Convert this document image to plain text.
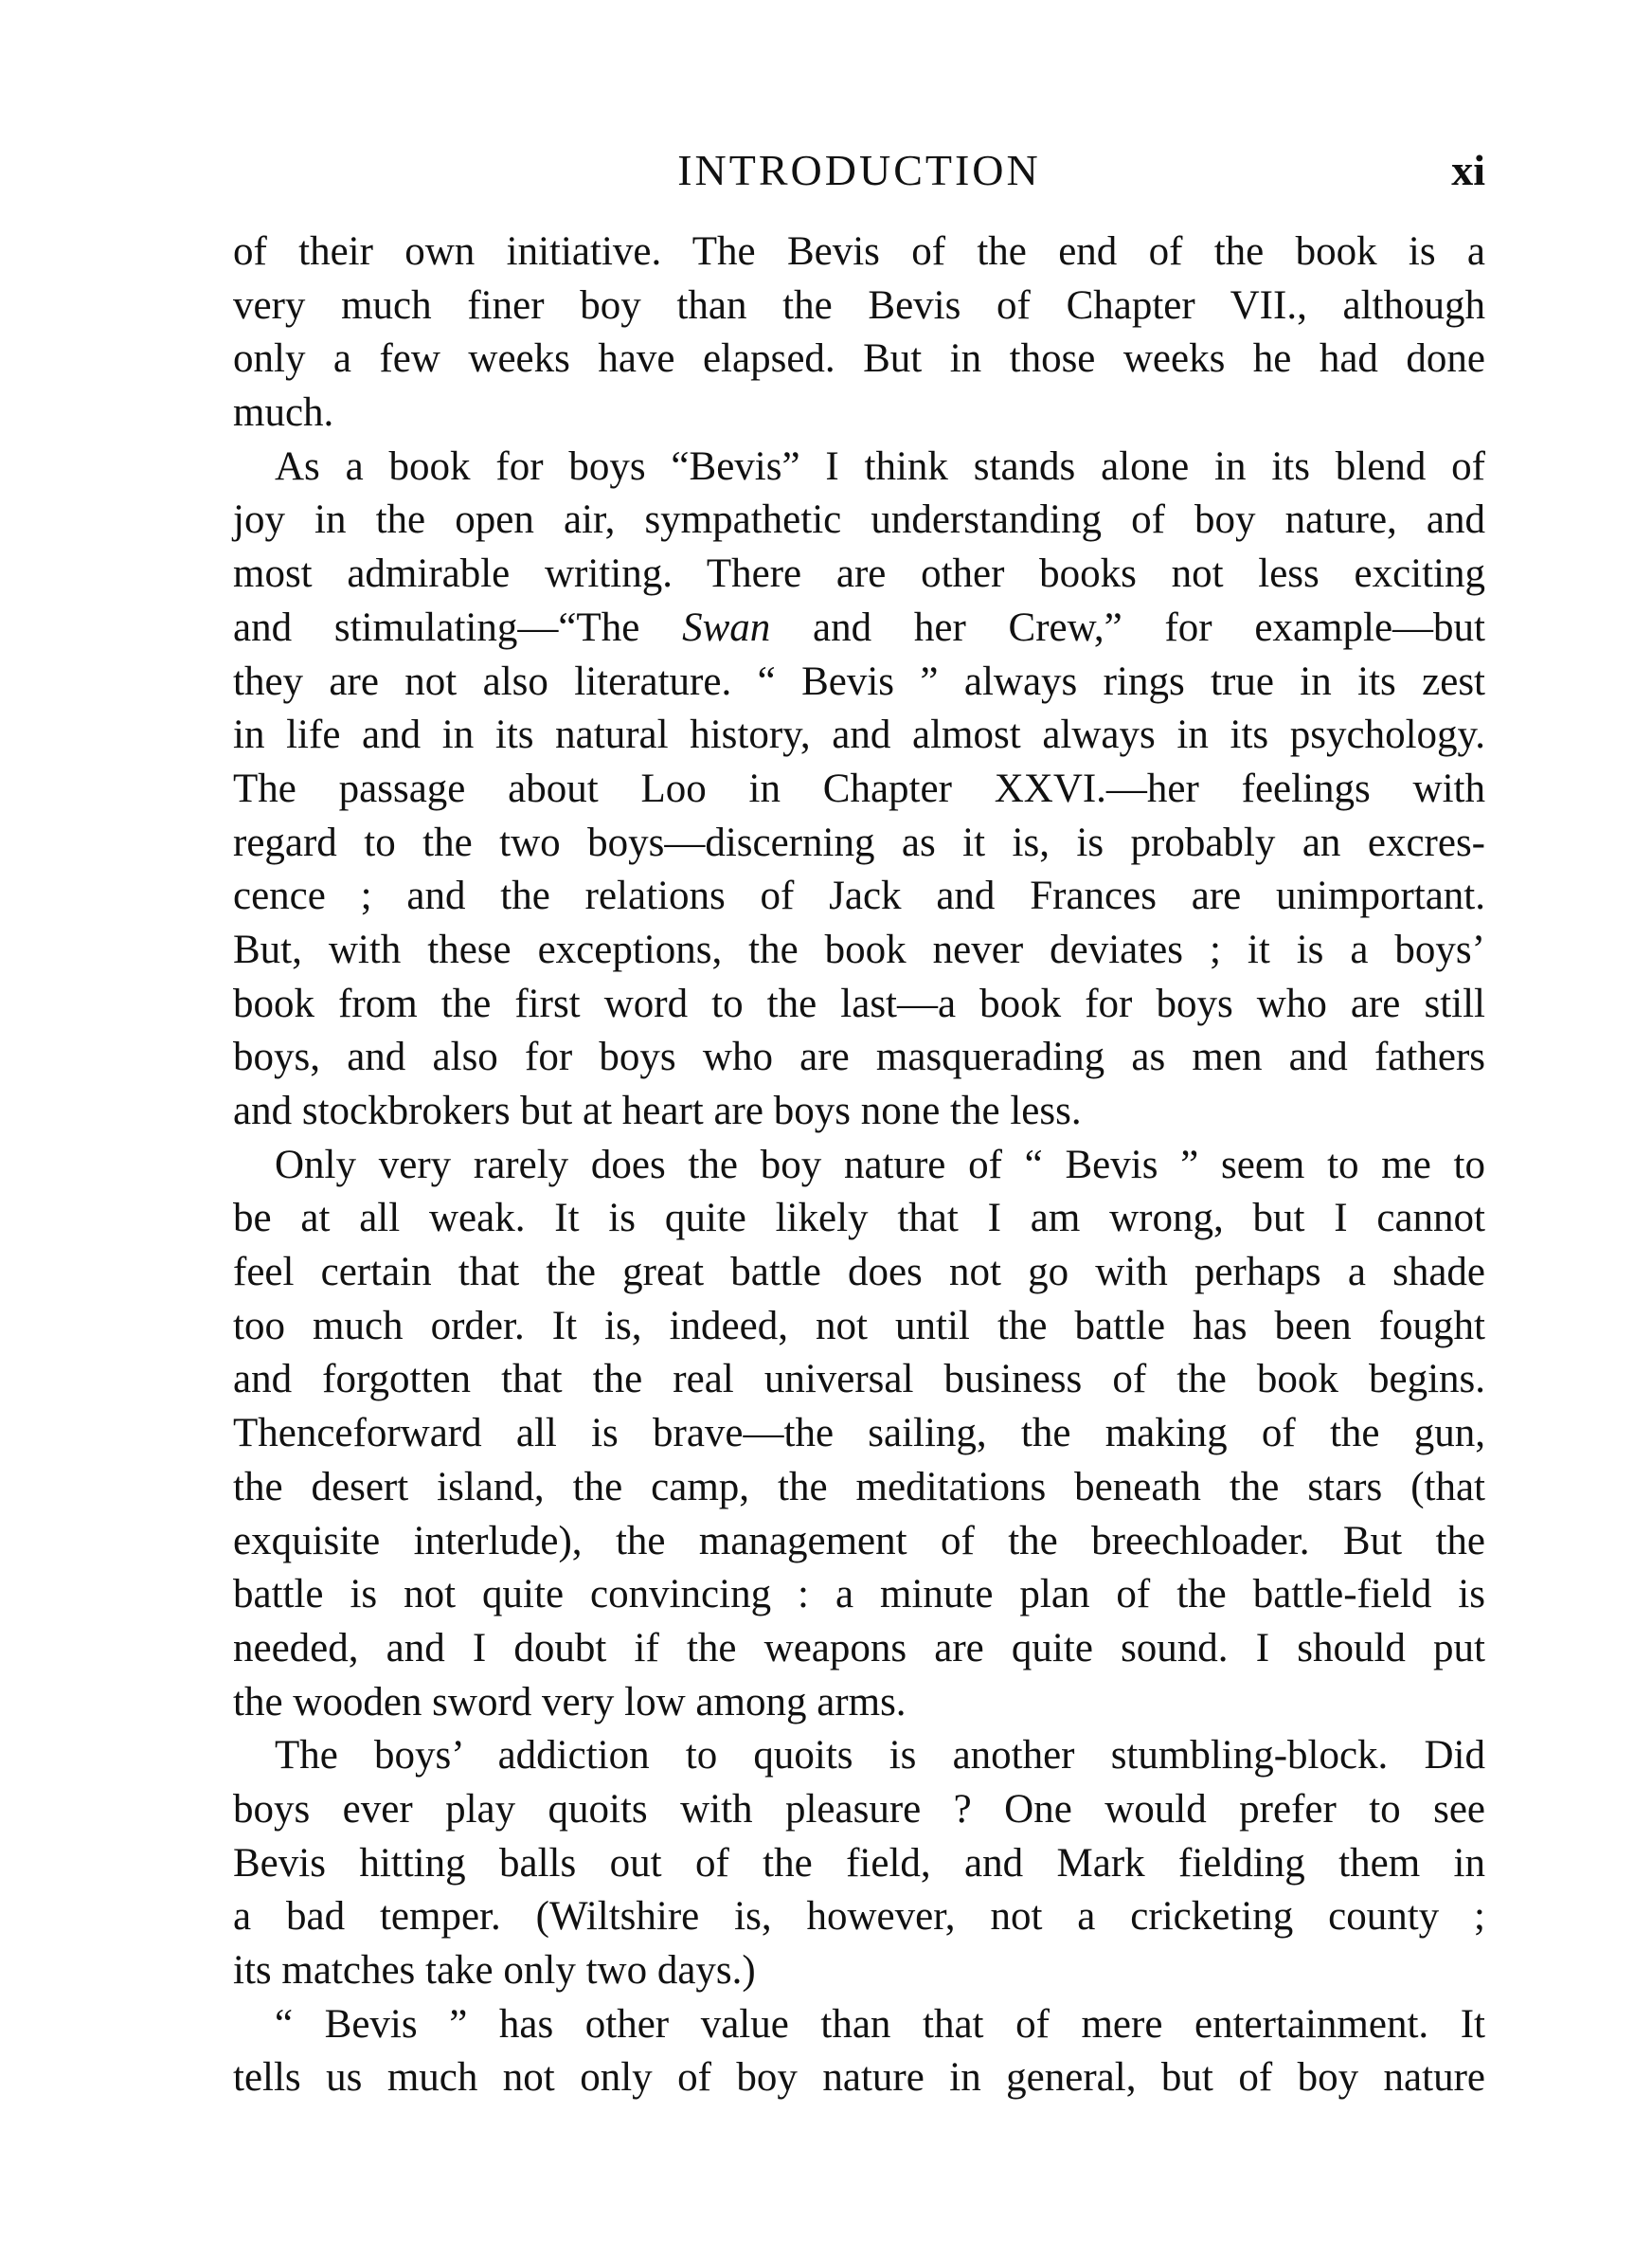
INTRODUCTION	xi
of their own initiative. The Bevis of the end of the book is a
very much finer boy than the Bevis of Chapter VII., although
only a few weeks have elapsed. But in those weeks he had done
much.
As a book for boys “Bevis” I think stands alone in its blend of
joy in the open air, sympathetic understanding of boy nature, and
most admirable writing. There are other books not less exciting
and stimulating—“The Swan and her Crew,” for example—but
they are not also literature. “ Bevis ” always rings true in its zest
in life and in its natural history, and almost always in its psychology.
The passage about Loo in Chapter XXVI.—her feelings with
regard to the two boys—discerning as it is, is probably an excres-
cence ; and the relations of Jack and Frances are unimportant.
But, with these exceptions, the book never deviates ; it is a boys’
book from the first word to the last—a book for boys who are still
boys, and also for boys who are masquerading as men and fathers
and stockbrokers but at heart are boys none the less.
Only very rarely does the boy nature of “ Bevis ” seem to me to
be at all weak. It is quite likely that I am wrong, but I cannot
feel certain that the great battle does not go with perhaps a shade
too much order. It is, indeed, not until the battle has been fought
and forgotten that the real universal business of the book begins.
Thenceforward all is brave—the sailing, the making of the gun,
the desert island, the camp, the meditations beneath the stars (that
exquisite interlude), the management of the breechloader. But the
battle is not quite convincing : a minute plan of the battle-field is
needed, and I doubt if the weapons are quite sound. I should put
the wooden sword very low among arms.
The boys’ addiction to quoits is another stumbling-block. Did
boys ever play quoits with pleasure ? One would prefer to see
Bevis hitting balls out of the field, and Mark fielding them in
a bad temper. (Wiltshire is, however, not a cricketing county ;
its matches take only two days.)
“ Bevis ” has other value than that of mere entertainment. It
tells us much not only of boy nature in general, but of boy nature
